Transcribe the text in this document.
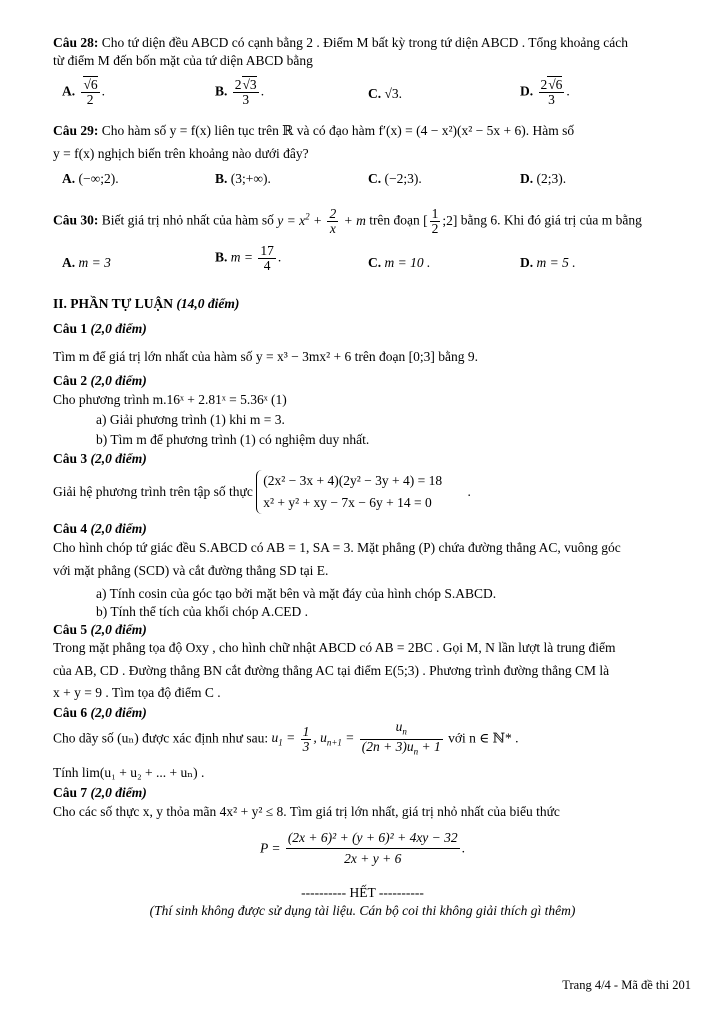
Câu 28: Cho tứ diện đều ABCD có cạnh bằng 2 . Điểm M bất kỳ trong tứ diện ABCD . Tổng khoảng cách
từ điểm M đến bốn mặt của tứ diện ABCD bằng
A. $\frac{√6}{2}$ .	B. $\frac{2√3}{3}$ .	C. √3.	D. $\frac{2√6}{3}$ .
Câu 29: Cho hàm số y = f(x) liên tục trên ℝ và có đạo hàm f′(x) = (4 − x²)(x² − 5x + 6). Hàm số
y = f(x) nghịch biến trên khoảng nào dưới đây?
A. (−∞;2).	B. (3;+∞).	C. (−2;3).	D. (2;3).
Câu 30: Biết giá trị nhỏ nhất của hàm số $y = x^2 + \frac{2}{x} + m$ trên đoạn [ $\frac{1}{2}$ ;2] bằng 6. Khi đó giá trị của m bằng
A. m = 3	B. $m = \frac{17}{4}$ .	C. m = 10 .	D. m = 5 .
II. PHẦN TỰ LUẬN (14,0 điểm)
Câu 1 (2,0 điểm)
Tìm m để giá trị lớn nhất của hàm số y = x³ − 3mx² + 6 trên đoạn [0;3] bằng 9.
Câu 2 (2,0 điểm)
Cho phương trình m.16ˣ + 2.81ˣ = 5.36ˣ (1)
a) Giải phương trình (1) khi m = 3.
b) Tìm m để phương trình (1) có nghiệm duy nhất.
Câu 3 (2,0 điểm)
Giải hệ phương trình trên tập số thực
(2x² − 3x + 4)(2y² − 3y + 4) = 18
x² + y² + xy − 7x − 6y + 14 = 0
.
Câu 4 (2,0 điểm)
Cho hình chóp tứ giác đều S.ABCD có AB = 1, SA = 3. Mặt phẳng (P) chứa đường thẳng AC, vuông góc
với mặt phẳng (SCD) và cắt đường thẳng SD tại E.
a) Tính cosin của góc tạo bởi mặt bên và mặt đáy của hình chóp S.ABCD.
b) Tính thể tích của khối chóp A.CED .
Câu 5 (2,0 điểm)
Trong mặt phẳng tọa độ Oxy , cho hình chữ nhật ABCD có AB = 2BC . Gọi M, N lần lượt là trung điểm
của AB, CD . Đường thẳng BN cắt đường thẳng AC tại điểm E(5;3) . Phương trình đường thẳng CM là
x + y = 9 . Tìm tọa độ điểm C .
Câu 6 (2,0 điểm)
Cho dãy số (uₙ) được xác định như sau: $u_1 = \frac{1}{3}$ , $u_{n+1} = \frac{u_n}{(2n + 3)u_n + 1}$ với n ∈ ℕ* .
Tính lim(u₁ + u₂ + ... + uₙ) .
Câu 7 (2,0 điểm)
Cho các số thực x, y thỏa mãn 4x² + y² ≤ 8. Tìm giá trị lớn nhất, giá trị nhỏ nhất của biểu thức
$P = \frac{\text{(2x + 6)² + (y + 6)² + 4xy − 32}}{2x + y + 6}$ .
---------- HẾT ----------
(Thí sinh không được sử dụng tài liệu. Cán bộ coi thi không giải thích gì thêm)
Trang 4/4 - Mã đề thi 201
